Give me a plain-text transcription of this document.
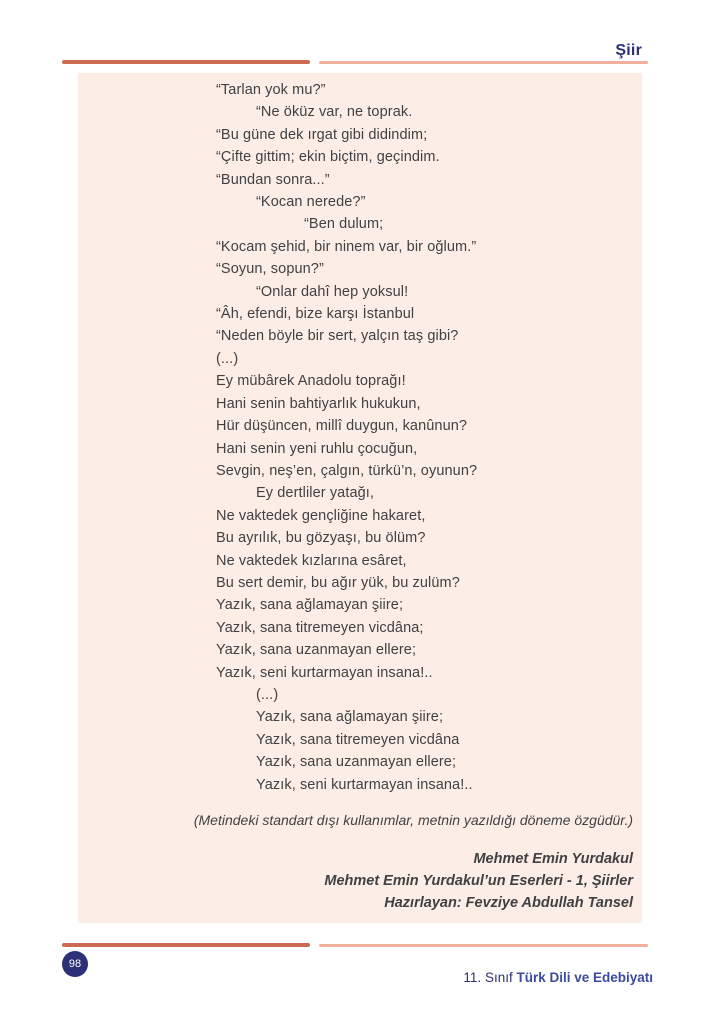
Şiir
“Tarlan yok mu?”
“Ne öküz var, ne toprak.
“Bu güne dek ırgat gibi didindim;
“Çifte gittim; ekin biçtim, geçindim.
“Bundan sonra...”
“Kocan nerede?”
“Ben dulum;
“Kocam şehid, bir ninem var, bir oğlum.”
“Soyun, sopun?”
“Onlar dahî hep yoksul!
“Âh, efendi, bize karşı İstanbul
“Neden böyle bir sert, yalçın taş gibi?
(...)
Ey mübârek Anadolu toprağı!
Hani senin bahtiyarlık hukukun,
Hür düşüncen, millî duygun, kanûnun?
Hani senin yeni ruhlu çocuğun,
Sevgin, neş’en, çalgın, türkü’n, oyunun?
Ey dertliler yatağı,
Ne vaktedek gençliğine hakaret,
Bu ayrılık, bu gözyaşı, bu ölüm?
Ne vaktedek kızlarına esâret,
Bu sert demir, bu ağır yük, bu zulüm?
Yazık, sana ağlamayan şiire;
Yazık, sana titremeyen vicdâna;
Yazık, sana uzanmayan ellere;
Yazık, seni kurtarmayan insana!..
(...)
Yazık, sana ağlamayan şiire;
Yazık, sana titremeyen vicdâna
Yazık, sana uzanmayan ellere;
Yazık, seni kurtarmayan insana!..
(Metindeki standart dışı kullanımlar, metnin yazıldığı döneme özgüdür.)
Mehmet Emin Yurdakul
Mehmet Emin Yurdakul’un Eserleri - 1, Şiirler
Hazırlayan: Fevziye Abdullah Tansel
98

11. Sınıf Türk Dili ve Edebiyatı
